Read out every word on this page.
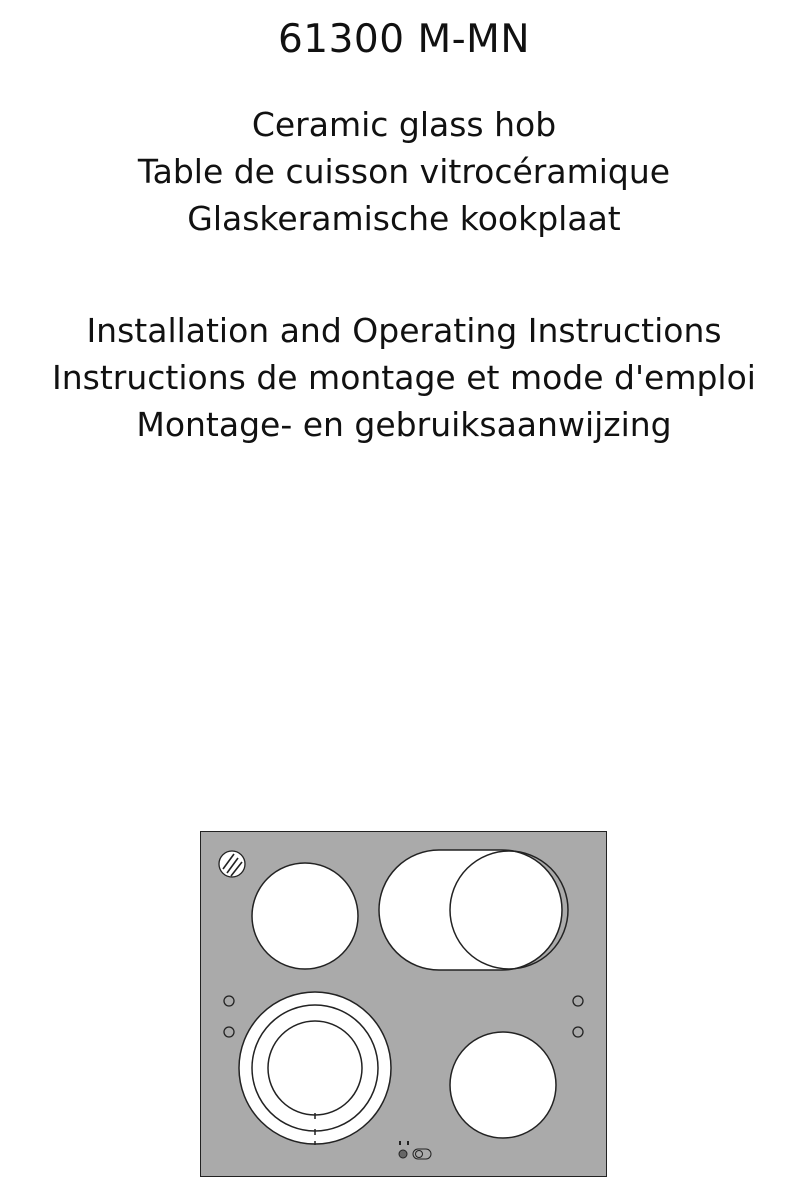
61300 M-MN
Ceramic glass hob
Table de cuisson vitrocéramique
Glaskeramische kookplaat
Installation and Operating Instructions
Instructions de montage et mode d'emploi
Montage- en gebruiksaanwijzing
